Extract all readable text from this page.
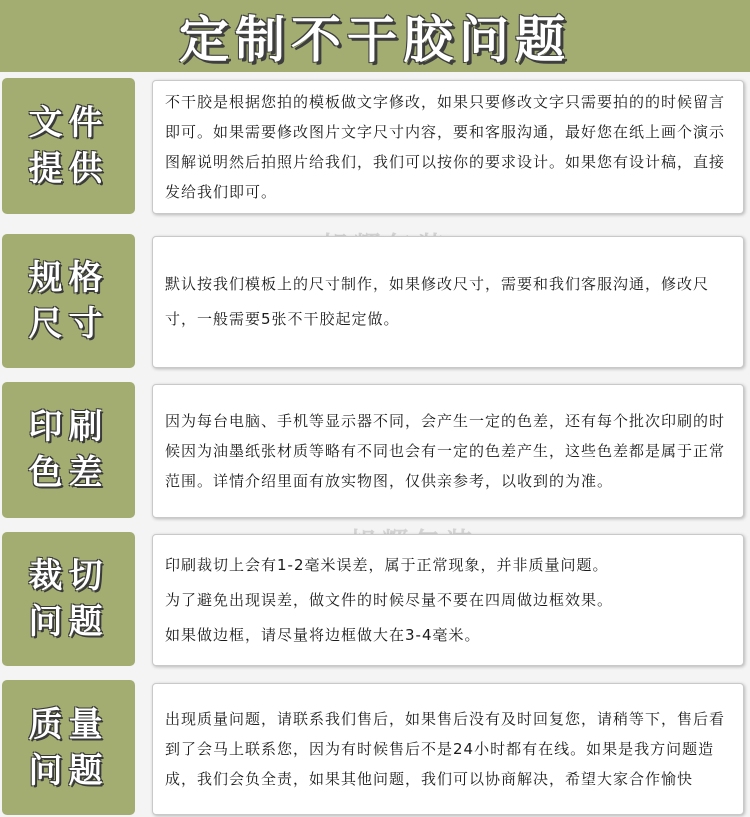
定制不干胶问题
文件
提供

不干胶是根据您拍的模板做文字修改，如果只要修改文字只需要拍的的时候留言即可。如果需要修改图片文字尺寸内容，要和客服沟通，最好您在纸上画个演示图解说明然后拍照片给我们，我们可以按你的要求设计。如果您有设计稿，直接发给我们即可。

规格
尺寸

默认按我们模板上的尺寸制作，如果修改尺寸，需要和我们客服沟通，修改尺寸，一般需要5张不干胶起定做。

印刷
色差

因为每台电脑、手机等显示器不同，会产生一定的色差，还有每个批次印刷的时候因为油墨纸张材质等略有不同也会有一定的色差产生，这些色差都是属于正常范围。详情介绍里面有放实物图，仅供亲参考，以收到的为准。

裁切
问题

印刷裁切上会有1-2毫米误差，属于正常现象，并非质量问题。

为了避免出现误差，做文件的时候尽量不要在四周做边框效果。

如果做边框，请尽量将边框做大在3-4毫米。

质量
问题

出现质量问题，请联系我们售后，如果售后没有及时回复您，请稍等下，售后看到了会马上联系您，因为有时候售后不是24小时都有在线。如果是我方问题造成，我们会负全责，如果其他问题，我们可以协商解决，希望大家合作愉快
